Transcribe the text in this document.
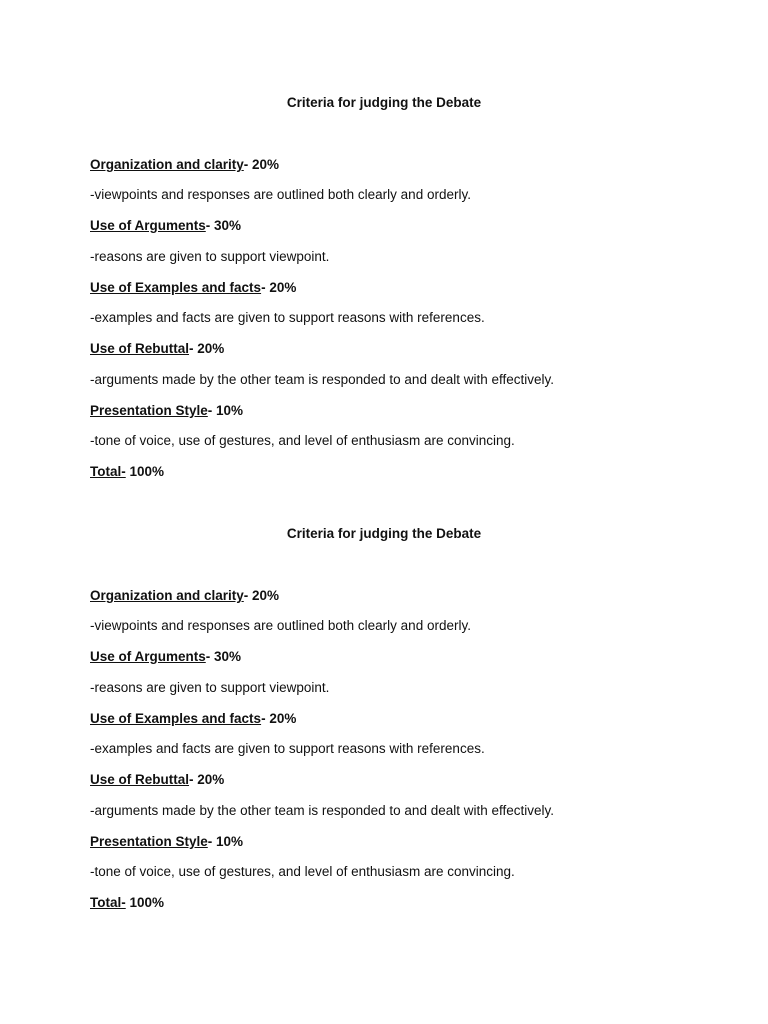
Criteria for judging the Debate
Organization and clarity- 20%
-viewpoints and responses are outlined both clearly and orderly.
Use of Arguments- 30%
-reasons are given to support viewpoint.
Use of Examples and facts- 20%
-examples and facts are given to support reasons with references.
Use of Rebuttal- 20%
-arguments made by the other team is responded to and dealt with effectively.
Presentation Style- 10%
-tone of voice, use of gestures, and level of enthusiasm are convincing.
Total- 100%
Criteria for judging the Debate
Organization and clarity- 20%
-viewpoints and responses are outlined both clearly and orderly.
Use of Arguments- 30%
-reasons are given to support viewpoint.
Use of Examples and facts- 20%
-examples and facts are given to support reasons with references.
Use of Rebuttal- 20%
-arguments made by the other team is responded to and dealt with effectively.
Presentation Style- 10%
-tone of voice, use of gestures, and level of enthusiasm are convincing.
Total- 100%
